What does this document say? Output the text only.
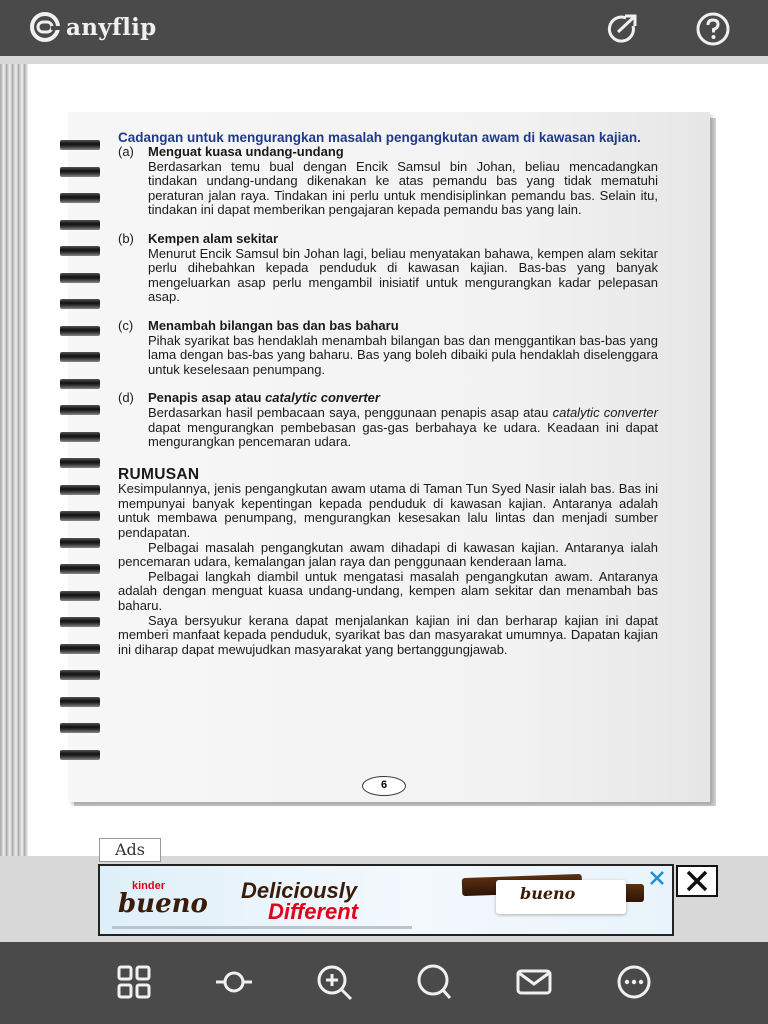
anyflip
Cadangan untuk mengurangkan masalah pengangkutan awam di kawasan kajian.
(a)	Menguat kuasa undang-undang
Berdasarkan temu bual dengan Encik Samsul bin Johan, beliau mencadangkan tindakan undang-undang dikenakan ke atas pemandu bas yang tidak mematuhi peraturan jalan raya. Tindakan ini perlu untuk mendisiplinkan pemandu bas. Selain itu, tindakan ini dapat memberikan pengajaran kepada pemandu bas yang lain.
(b)	Kempen alam sekitar
Menurut Encik Samsul bin Johan lagi, beliau menyatakan bahawa, kempen alam sekitar perlu dihebahkan kepada penduduk di kawasan kajian. Bas-bas yang banyak mengeluarkan asap perlu mengambil inisiatif untuk mengurangkan kadar pelepasan asap.
(c)	Menambah bilangan bas dan bas baharu
Pihak syarikat bas hendaklah menambah bilangan bas dan menggantikan bas-bas yang lama dengan bas-bas yang baharu. Bas yang boleh dibaiki pula hendaklah diselenggara untuk keselesaan penumpang.
(d)	Penapis asap atau catalytic converter
Berdasarkan hasil pembacaan saya, penggunaan penapis asap atau catalytic converter dapat mengurangkan pembebasan gas-gas berbahaya ke udara. Keadaan ini dapat mengurangkan pencemaran udara.
RUMUSAN
Kesimpulannya, jenis pengangkutan awam utama di Taman Tun Syed Nasir ialah bas. Bas ini mempunyai banyak kepentingan kepada penduduk di kawasan kajian. Antaranya adalah untuk membawa penumpang, mengurangkan kesesakan lalu lintas dan menjadi sumber pendapatan.
Pelbagai masalah pengangkutan awam dihadapi di kawasan kajian. Antaranya ialah pencemaran udara, kemalangan jalan raya dan penggunaan kenderaan lama.
Pelbagai langkah diambil untuk mengatasi masalah pengangkutan awam. Antaranya adalah dengan menguat kuasa undang-undang, kempen alam sekitar dan menambah bas baharu.
Saya bersyukur kerana dapat menjalankan kajian ini dan berharap kajian ini dapat memberi manfaat kepada penduduk, syarikat bas dan masyarakat umumnya. Dapatan kajian ini diharap dapat mewujudkan masyarakat yang bertanggungjawab.
6
Ads
kinder
bueno Deliciously
Different
bueno
